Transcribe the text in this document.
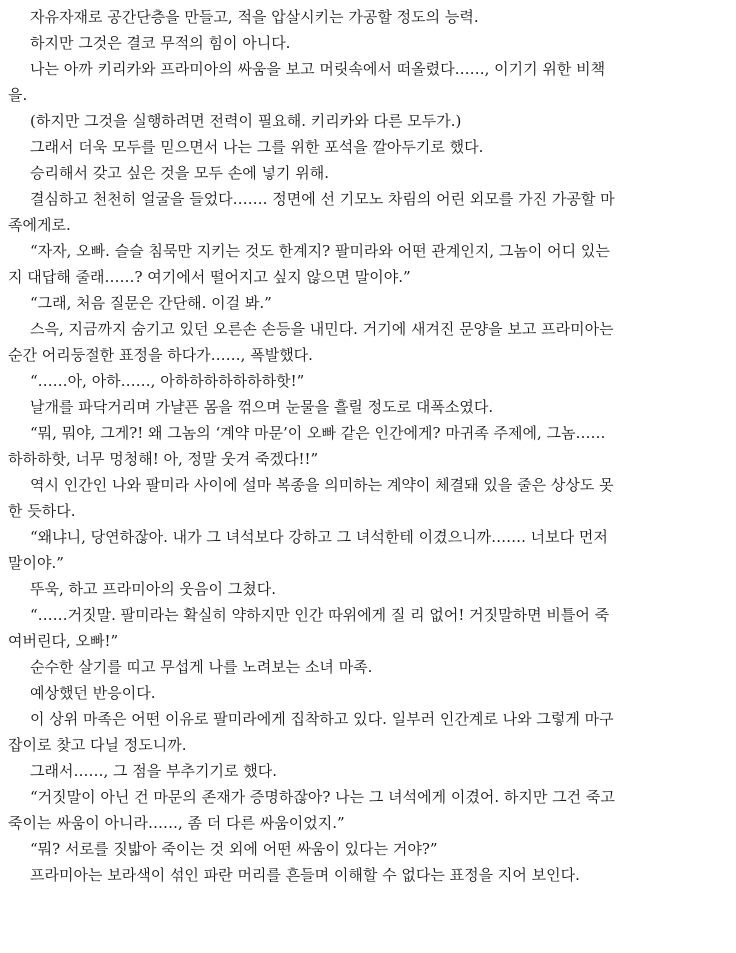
자유자재로 공간단층을 만들고, 적을 압살시키는 가공할 정도의 능력.
하지만 그것은 결코 무적의 힘이 아니다.
나는 아까 키리카와 프라미아의 싸움을 보고 머릿속에서 떠올렸다……, 이기기 위한 비책
을.
(하지만 그것을 실행하려면 전력이 필요해. 키리카와 다른 모두가.)
그래서 더욱 모두를 믿으면서 나는 그를 위한 포석을 깔아두기로 했다.
승리해서 갖고 싶은 것을 모두 손에 넣기 위해.
결심하고 천천히 얼굴을 들었다……. 정면에 선 기모노 차림의 어린 외모를 가진 가공할 마
족에게로.
“자자, 오빠. 슬슬 침묵만 지키는 것도 한계지? 팔미라와 어떤 관계인지, 그놈이 어디 있는
지 대답해 줄래……? 여기에서 떨어지고 싶지 않으면 말이야.”
“그래, 처음 질문은 간단해. 이걸 봐.”
스윽, 지금까지 숨기고 있던 오른손 손등을 내민다. 거기에 새겨진 문양을 보고 프라미아는
순간 어리둥절한 표정을 하다가……, 폭발했다.
“……아, 아하……, 아하하하하하하하핫!”
날개를 파닥거리며 가냘픈 몸을 꺾으며 눈물을 흘릴 정도로 대폭소였다.
“뭐, 뭐야, 그게?! 왜 그놈의 ‘계약 마문’이 오빠 같은 인간에게? 마귀족 주제에, 그놈……
하하하핫, 너무 멍청해! 아, 정말 웃겨 죽겠다!!”
역시 인간인 나와 팔미라 사이에 설마 복종을 의미하는 계약이 체결돼 있을 줄은 상상도 못
한 듯하다.
“왜냐니, 당연하잖아. 내가 그 녀석보다 강하고 그 녀석한테 이겼으니까……. 너보다 먼저
말이야.”
뚜욱, 하고 프라미아의 웃음이 그쳤다.
“……거짓말. 팔미라는 확실히 약하지만 인간 따위에게 질 리 없어! 거짓말하면 비틀어 죽
여버린다, 오빠!”
순수한 살기를 띠고 무섭게 나를 노려보는 소녀 마족.
예상했던 반응이다.
이 상위 마족은 어떤 이유로 팔미라에게 집착하고 있다. 일부러 인간계로 나와 그렇게 마구
잡이로 찾고 다닐 정도니까.
그래서……, 그 점을 부추기기로 했다.
“거짓말이 아닌 건 마문의 존재가 증명하잖아? 나는 그 녀석에게 이겼어. 하지만 그건 죽고
죽이는 싸움이 아니라……, 좀 더 다른 싸움이었지.”
“뭐? 서로를 짓밟아 죽이는 것 외에 어떤 싸움이 있다는 거야?”
프라미아는 보라색이 섞인 파란 머리를 흔들며 이해할 수 없다는 표정을 지어 보인다.
